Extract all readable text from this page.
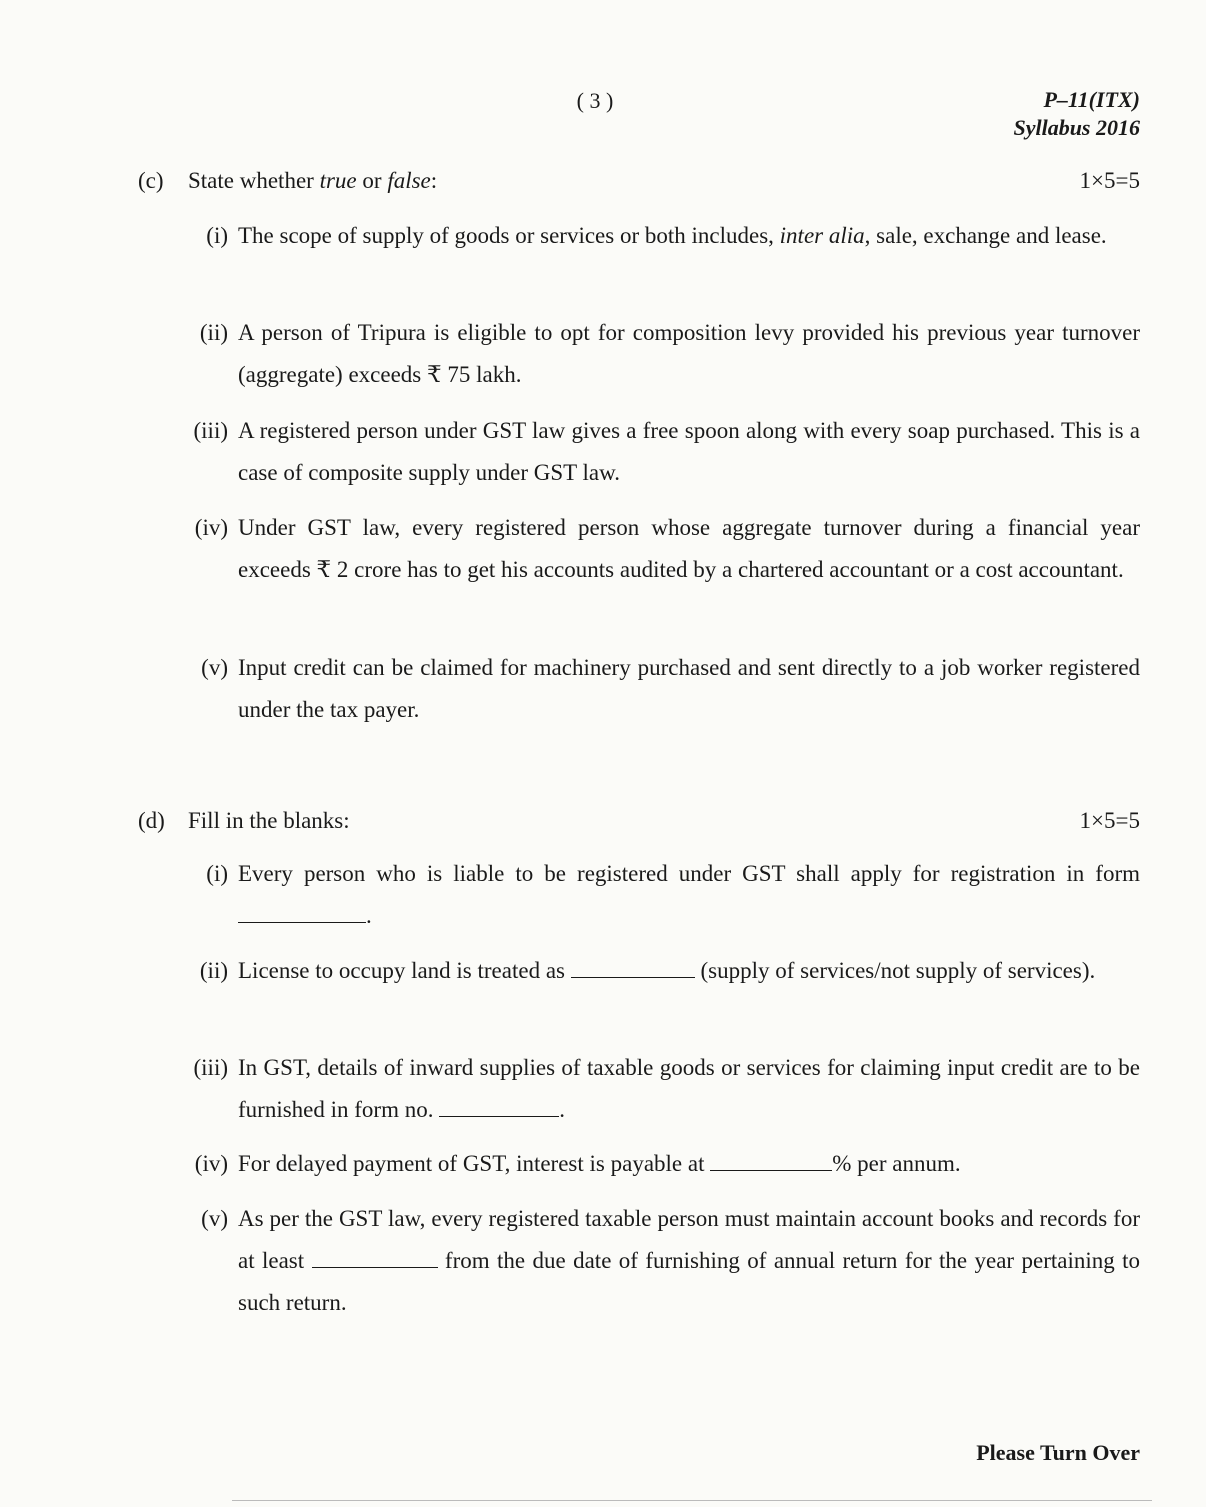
( 3 )	P–11(ITX)
Syllabus 2016
(c) State whether true or false:	1×5=5
(i) The scope of supply of goods or services or both includes, inter alia, sale, exchange and lease.
(ii) A person of Tripura is eligible to opt for composition levy provided his previous year turnover (aggregate) exceeds ₹ 75 lakh.
(iii) A registered person under GST law gives a free spoon along with every soap purchased. This is a case of composite supply under GST law.
(iv) Under GST law, every registered person whose aggregate turnover during a financial year exceeds ₹ 2 crore has to get his accounts audited by a chartered accountant or a cost accountant.
(v) Input credit can be claimed for machinery purchased and sent directly to a job worker registered under the tax payer.
(d) Fill in the blanks:	1×5=5
(i) Every person who is liable to be registered under GST shall apply for registration in form .
(ii) License to occupy land is treated as	(supply of services/not supply of services).
(iii) In GST, details of inward supplies of taxable goods or services for claiming input credit are to be furnished in form no.	.
(iv) For delayed payment of GST, interest is payable at	% per annum.
(v) As per the GST law, every registered taxable person must maintain account books and records for at least	from the due date of furnishing of annual return for the year pertaining to such return.
Please Turn Over
